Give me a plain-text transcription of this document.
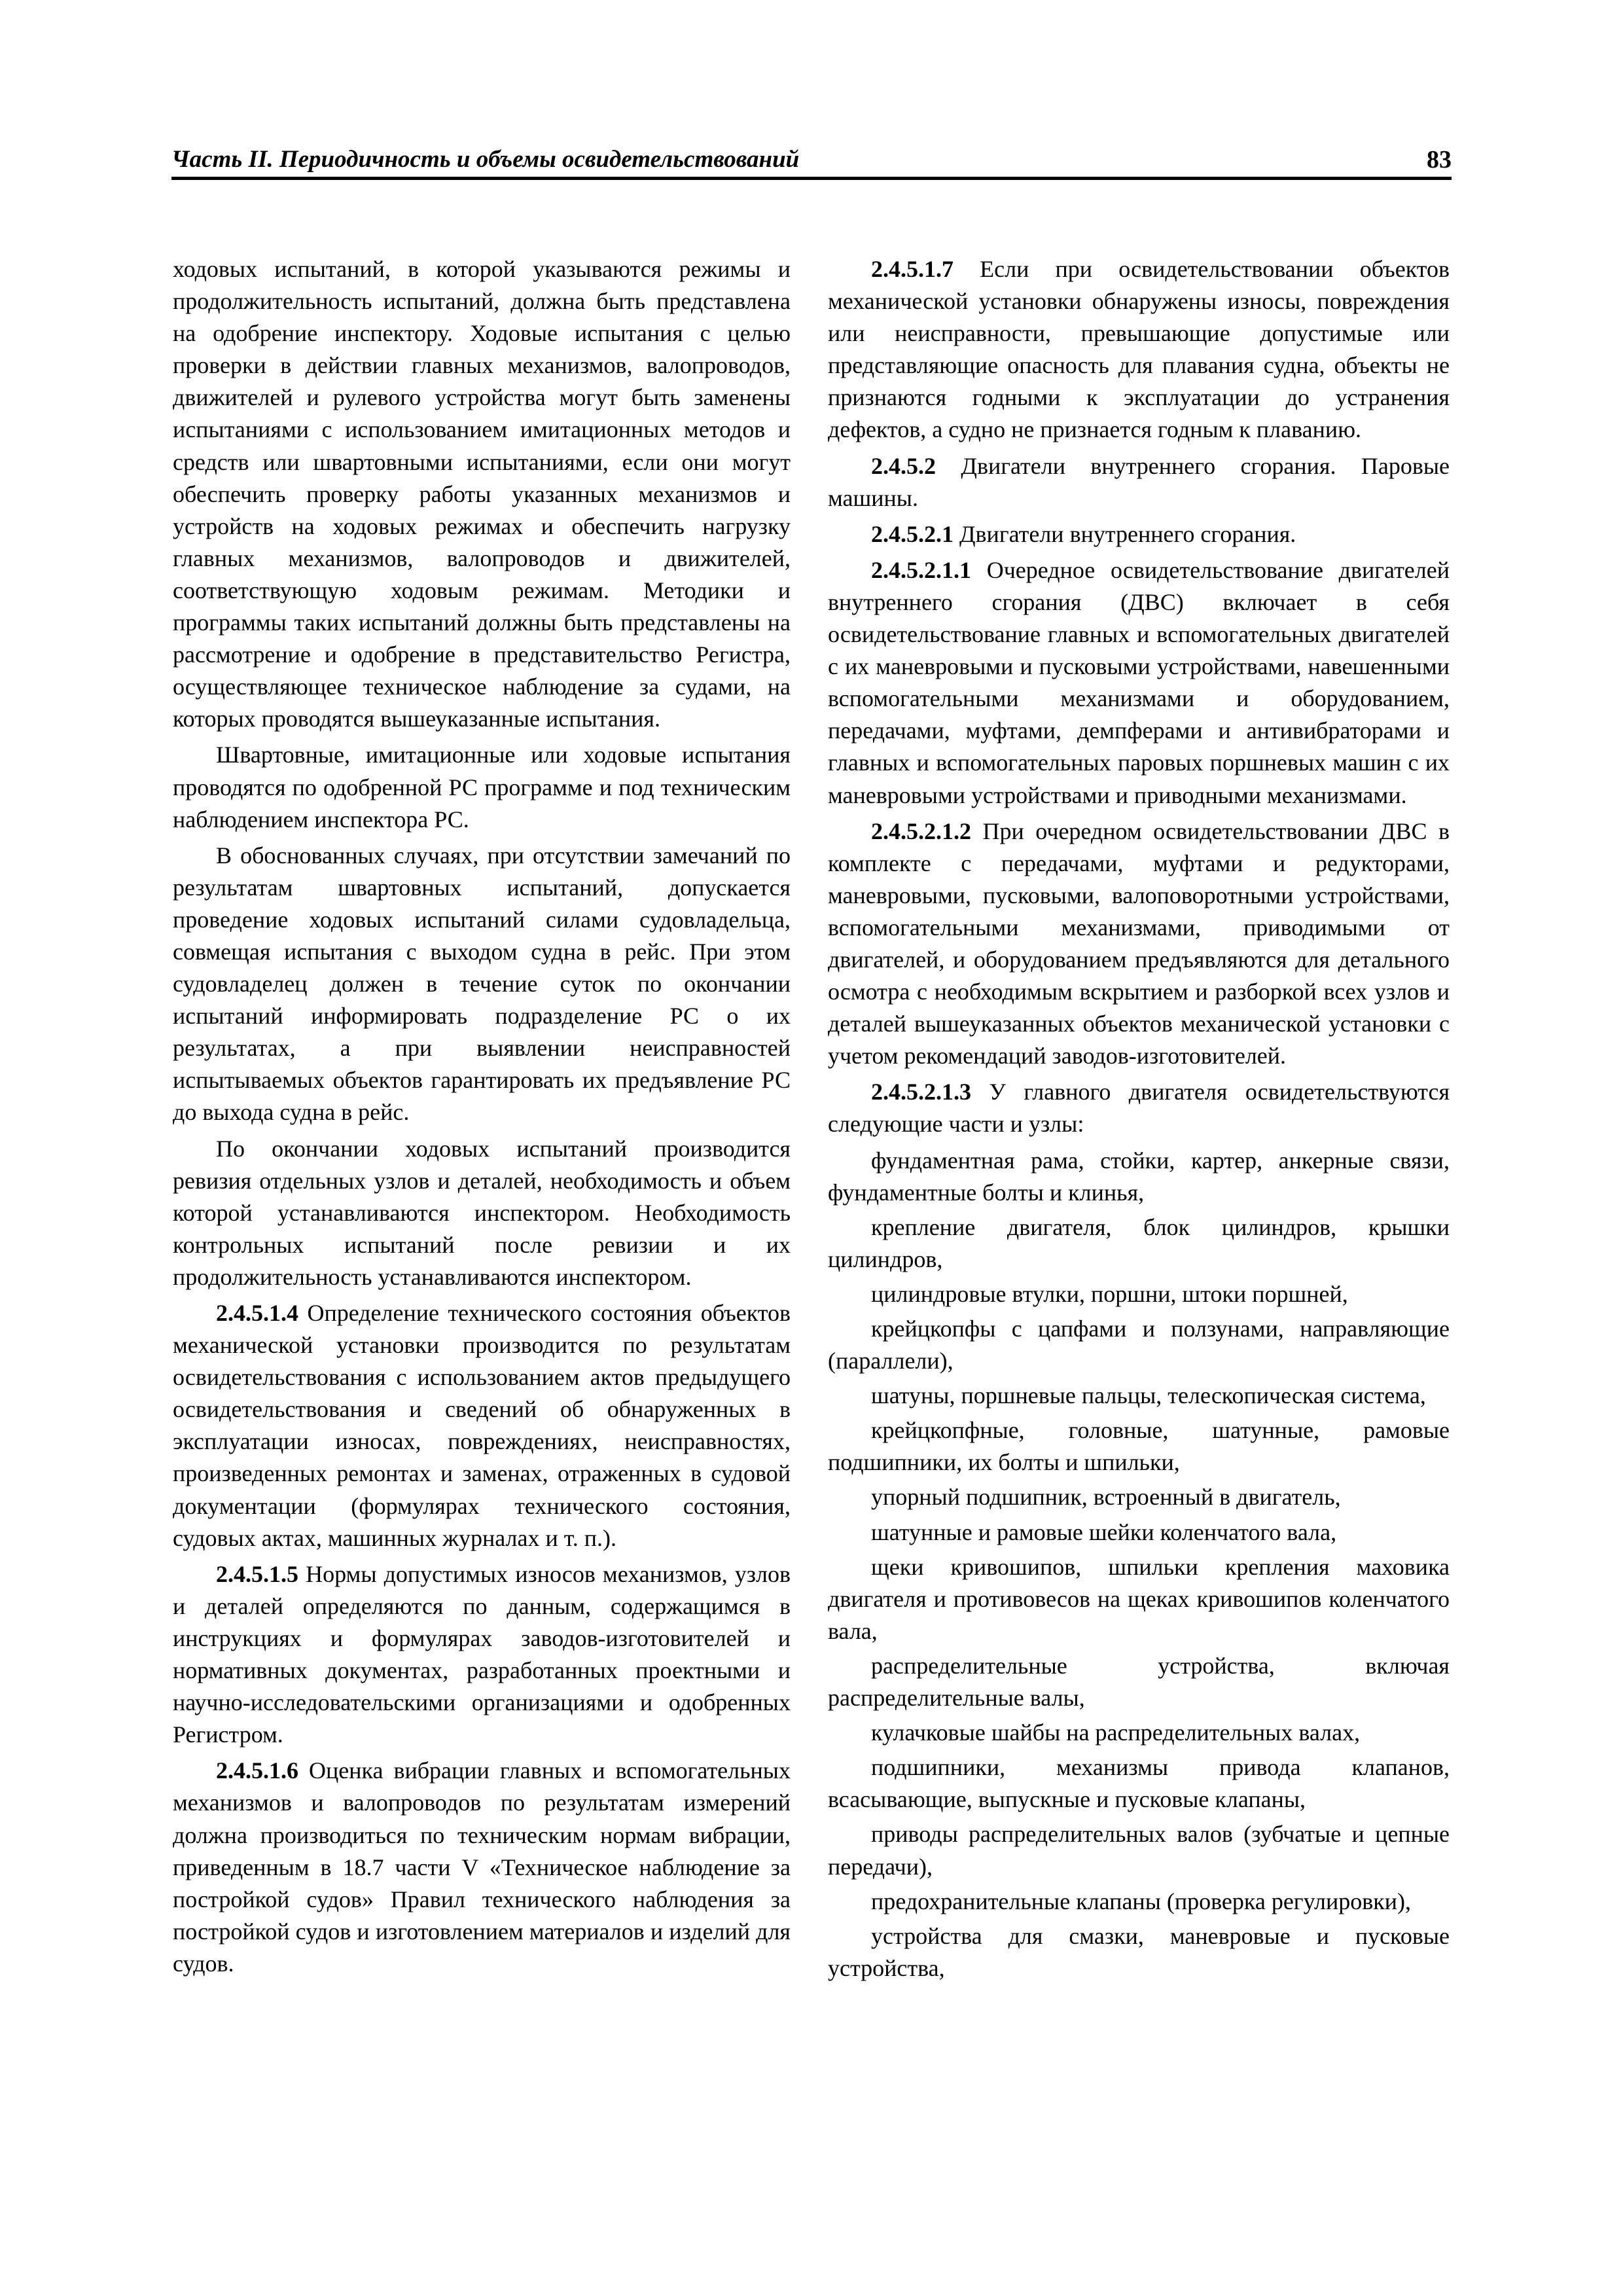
Часть II. Периодичность и объемы освидетельствований	83

ходовых испытаний, в которой указываются режимы и продолжительность испытаний, должна быть представлена на одобрение инспектору. Ходовые испытания с целью проверки в действии главных механизмов, валопроводов, движителей и рулевого устройства могут быть заменены испытаниями с использованием имитационных методов и средств или швартовными испытаниями, если они могут обеспечить проверку работы указанных механизмов и устройств на ходовых режимах и обеспечить нагрузку главных механизмов, валопроводов и движителей, соответствующую ходовым режимам. Методики и программы таких испытаний должны быть представлены на рассмотрение и одобрение в представительство Регистра, осуществляющее техническое наблюдение за судами, на которых проводятся вышеуказанные испытания.

Швартовные, имитационные или ходовые испытания проводятся по одобренной РС программе и под техническим наблюдением инспектора РС.

В обоснованных случаях, при отсутствии замечаний по результатам швартовных испытаний, допускается проведение ходовых испытаний силами судовладельца, совмещая испытания с выходом судна в рейс. При этом судовладелец должен в течение суток по окончании испытаний информировать подразделение РС о их результатах, а при выявлении неисправностей испытываемых объектов гарантировать их предъявление РС до выхода судна в рейс.

По окончании ходовых испытаний производится ревизия отдельных узлов и деталей, необходимость и объем которой устанавливаются инспектором. Необходимость контрольных испытаний после ревизии и их продолжительность устанавливаются инспектором.

2.4.5.1.4 Определение технического состояния объектов механической установки производится по результатам освидетельствования с использованием актов предыдущего освидетельствования и сведений об обнаруженных в эксплуатации износах, повреждениях, неисправностях, произведенных ремонтах и заменах, отраженных в судовой документации (формулярах технического состояния, судовых актах, машинных журналах и т. п.).

2.4.5.1.5 Нормы допустимых износов механизмов, узлов и деталей определяются по данным, содержащимся в инструкциях и формулярах заводов-изготовителей и нормативных документах, разработанных проектными и научно-исследовательскими организациями и одобренных Регистром.

2.4.5.1.6 Оценка вибрации главных и вспомогательных механизмов и валопроводов по результатам измерений должна производиться по техническим нормам вибрации, приведенным в 18.7 части V «Техническое наблюдение за постройкой судов» Правил технического наблюдения за постройкой судов и изготовлением материалов и изделий для судов.

2.4.5.1.7 Если при освидетельствовании объектов механической установки обнаружены износы, повреждения или неисправности, превышающие допустимые или представляющие опасность для плавания судна, объекты не признаются годными к эксплуатации до устранения дефектов, а судно не признается годным к плаванию.

2.4.5.2 Двигатели внутреннего сгорания. Паровые машины.

2.4.5.2.1 Двигатели внутреннего сгорания.

2.4.5.2.1.1 Очередное освидетельствование двигателей внутреннего сгорания (ДВС) включает в себя освидетельствование главных и вспомогательных двигателей с их маневровыми и пусковыми устройствами, навешенными вспомогательными механизмами и оборудованием, передачами, муфтами, демпферами и антивибраторами и главных и вспомогательных паровых поршневых машин с их маневровыми устройствами и приводными механизмами.

2.4.5.2.1.2 При очередном освидетельствовании ДВС в комплекте с передачами, муфтами и редукторами, маневровыми, пусковыми, валоповоротными устройствами, вспомогательными механизмами, приводимыми от двигателей, и оборудованием предъявляются для детального осмотра с необходимым вскрытием и разборкой всех узлов и деталей вышеуказанных объектов механической установки с учетом рекомендаций заводов-изготовителей.

2.4.5.2.1.3 У главного двигателя освидетельствуются следующие части и узлы:

фундаментная рама, стойки, картер, анкерные связи, фундаментные болты и клинья,

крепление двигателя, блок цилиндров, крышки цилиндров,

цилиндровые втулки, поршни, штоки поршней,

крейцкопфы с цапфами и ползунами, направляющие (параллели),

шатуны, поршневые пальцы, телескопическая система,

крейцкопфные, головные, шатунные, рамовые подшипники, их болты и шпильки,

упорный подшипник, встроенный в двигатель,

шатунные и рамовые шейки коленчатого вала,

щеки кривошипов, шпильки крепления маховика двигателя и противовесов на щеках кривошипов коленчатого вала,

распределительные устройства, включая распределительные валы,

кулачковые шайбы на распределительных валах,

подшипники, механизмы привода клапанов, всасывающие, выпускные и пусковые клапаны,

приводы распределительных валов (зубчатые и цепные передачи),

предохранительные клапаны (проверка регулировки),

устройства для смазки, маневровые и пусковые устройства,
